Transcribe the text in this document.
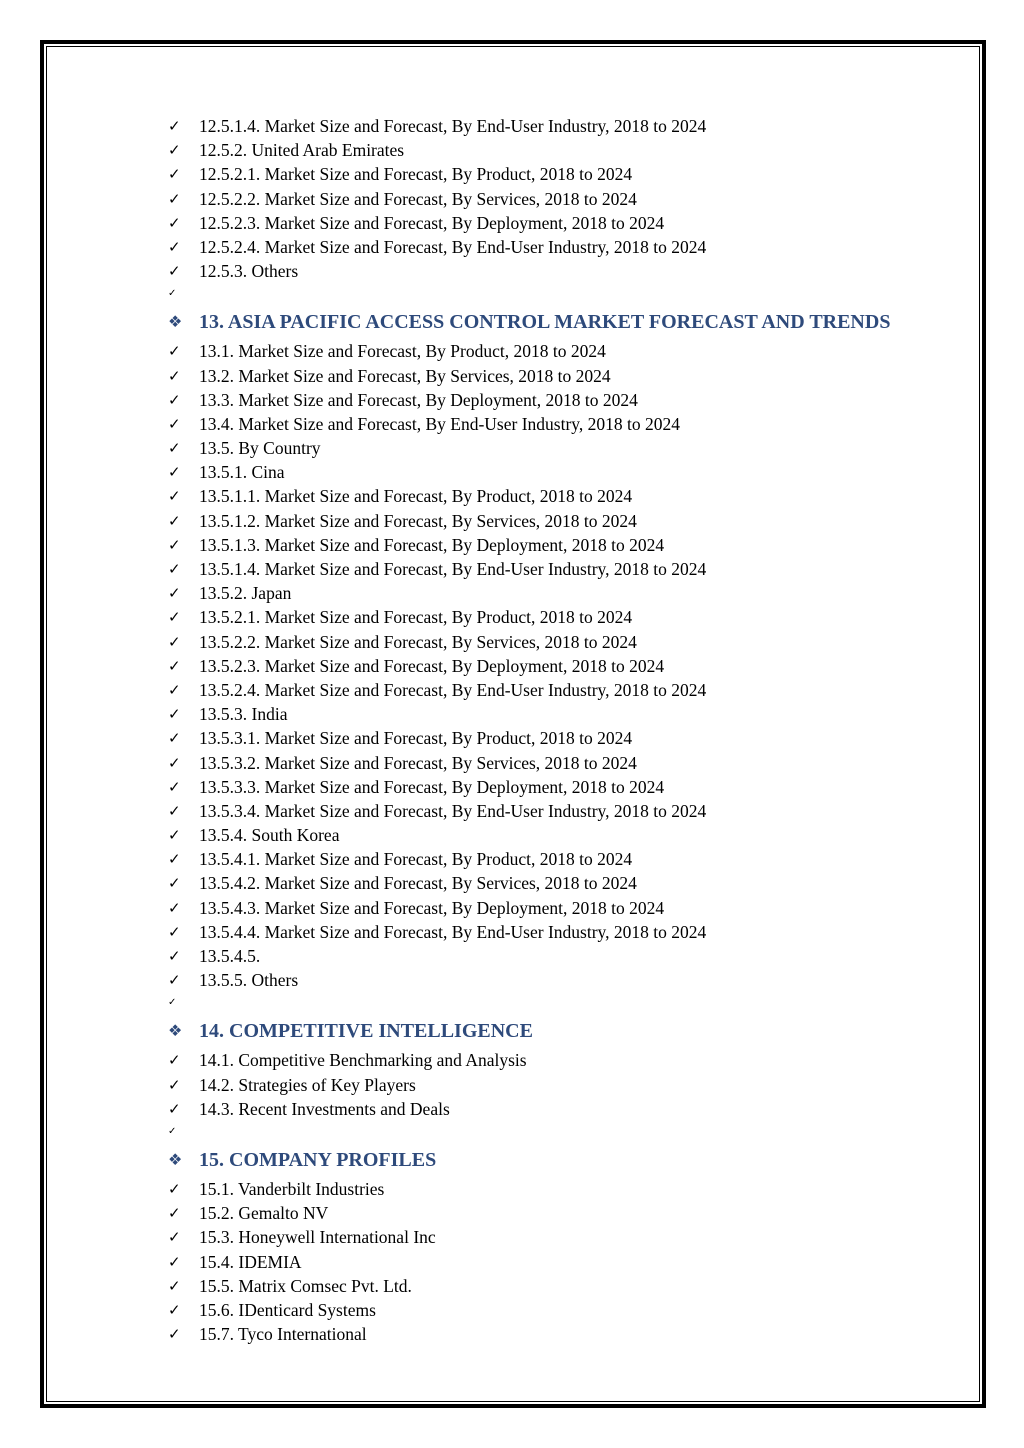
✓	12.5.1.4. Market Size and Forecast, By End-User Industry, 2018 to 2024
✓	12.5.2. United Arab Emirates
✓	12.5.2.1. Market Size and Forecast, By Product, 2018 to 2024
✓	12.5.2.2. Market Size and Forecast, By Services, 2018 to 2024
✓	12.5.2.3. Market Size and Forecast, By Deployment, 2018 to 2024
✓	12.5.2.4. Market Size and Forecast, By End-User Industry, 2018 to 2024
✓	12.5.3. Others
✓
❖ 13. ASIA PACIFIC ACCESS CONTROL MARKET FORECAST AND TRENDS
✓	13.1. Market Size and Forecast, By Product, 2018 to 2024
✓	13.2. Market Size and Forecast, By Services, 2018 to 2024
✓	13.3. Market Size and Forecast, By Deployment, 2018 to 2024
✓	13.4. Market Size and Forecast, By End-User Industry, 2018 to 2024
✓	13.5. By Country
✓	13.5.1. Cina
✓	13.5.1.1. Market Size and Forecast, By Product, 2018 to 2024
✓	13.5.1.2. Market Size and Forecast, By Services, 2018 to 2024
✓	13.5.1.3. Market Size and Forecast, By Deployment, 2018 to 2024
✓	13.5.1.4. Market Size and Forecast, By End-User Industry, 2018 to 2024
✓	13.5.2. Japan
✓	13.5.2.1. Market Size and Forecast, By Product, 2018 to 2024
✓	13.5.2.2. Market Size and Forecast, By Services, 2018 to 2024
✓	13.5.2.3. Market Size and Forecast, By Deployment, 2018 to 2024
✓	13.5.2.4. Market Size and Forecast, By End-User Industry, 2018 to 2024
✓	13.5.3. India
✓	13.5.3.1. Market Size and Forecast, By Product, 2018 to 2024
✓	13.5.3.2. Market Size and Forecast, By Services, 2018 to 2024
✓	13.5.3.3. Market Size and Forecast, By Deployment, 2018 to 2024
✓	13.5.3.4. Market Size and Forecast, By End-User Industry, 2018 to 2024
✓	13.5.4. South Korea
✓	13.5.4.1. Market Size and Forecast, By Product, 2018 to 2024
✓	13.5.4.2. Market Size and Forecast, By Services, 2018 to 2024
✓	13.5.4.3. Market Size and Forecast, By Deployment, 2018 to 2024
✓	13.5.4.4. Market Size and Forecast, By End-User Industry, 2018 to 2024
✓	13.5.4.5.
✓	13.5.5. Others
✓
❖ 14. COMPETITIVE INTELLIGENCE
✓	14.1. Competitive Benchmarking and Analysis
✓	14.2. Strategies of Key Players
✓	14.3. Recent Investments and Deals
✓
❖ 15. COMPANY PROFILES
✓	15.1. Vanderbilt Industries
✓	15.2. Gemalto NV
✓	15.3. Honeywell International Inc
✓	15.4. IDEMIA
✓	15.5. Matrix Comsec Pvt. Ltd.
✓	15.6. IDenticard Systems
✓	15.7. Tyco International
